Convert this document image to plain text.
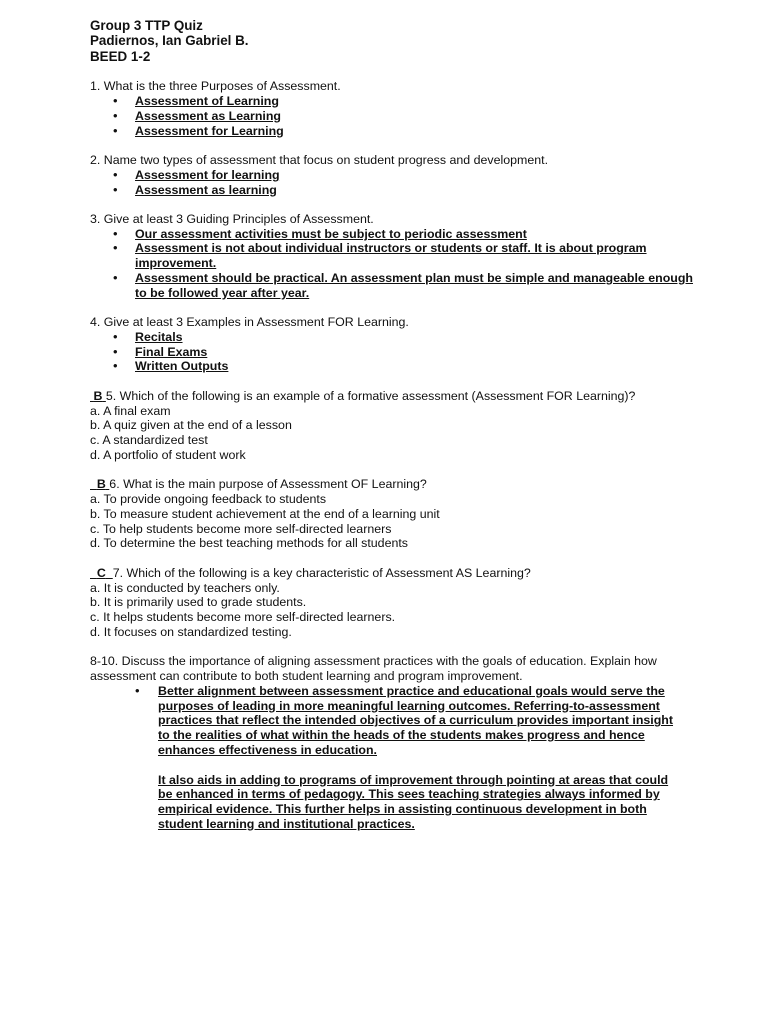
Group 3 TTP Quiz
Padiernos, Ian Gabriel B.
BEED 1-2
1. What is the three Purposes of Assessment.
• Assessment of Learning
• Assessment as Learning
• Assessment for Learning
2. Name two types of assessment that focus on student progress and development.
• Assessment for learning
• Assessment as learning
3. Give at least 3 Guiding Principles of Assessment.
• Our assessment activities must be subject to periodic assessment
• Assessment is not about individual instructors or students or staff. It is about program improvement.
• Assessment should be practical. An assessment plan must be simple and manageable enough to be followed year after year.
4. Give at least 3 Examples in Assessment FOR Learning.
• Recitals
• Final Exams
• Written Outputs
B 5. Which of the following is an example of a formative assessment (Assessment FOR Learning)?
a. A final exam
b. A quiz given at the end of a lesson
c. A standardized test
d. A portfolio of student work
B 6. What is the main purpose of Assessment OF Learning?
a. To provide ongoing feedback to students
b. To measure student achievement at the end of a learning unit
c. To help students become more self-directed learners
d. To determine the best teaching methods for all students
C 7. Which of the following is a key characteristic of Assessment AS Learning?
a. It is conducted by teachers only.
b. It is primarily used to grade students.
c. It helps students become more self-directed learners.
d. It focuses on standardized testing.
8-10. Discuss the importance of aligning assessment practices with the goals of education. Explain how assessment can contribute to both student learning and program improvement.
• Better alignment between assessment practice and educational goals would serve the purposes of leading in more meaningful learning outcomes. Referring-to-assessment practices that reflect the intended objectives of a curriculum provides important insight to the realities of what within the heads of the students makes progress and hence enhances effectiveness in education.
It also aids in adding to programs of improvement through pointing at areas that could be enhanced in terms of pedagogy. This sees teaching strategies always informed by empirical evidence. This further helps in assisting continuous development in both student learning and institutional practices.
